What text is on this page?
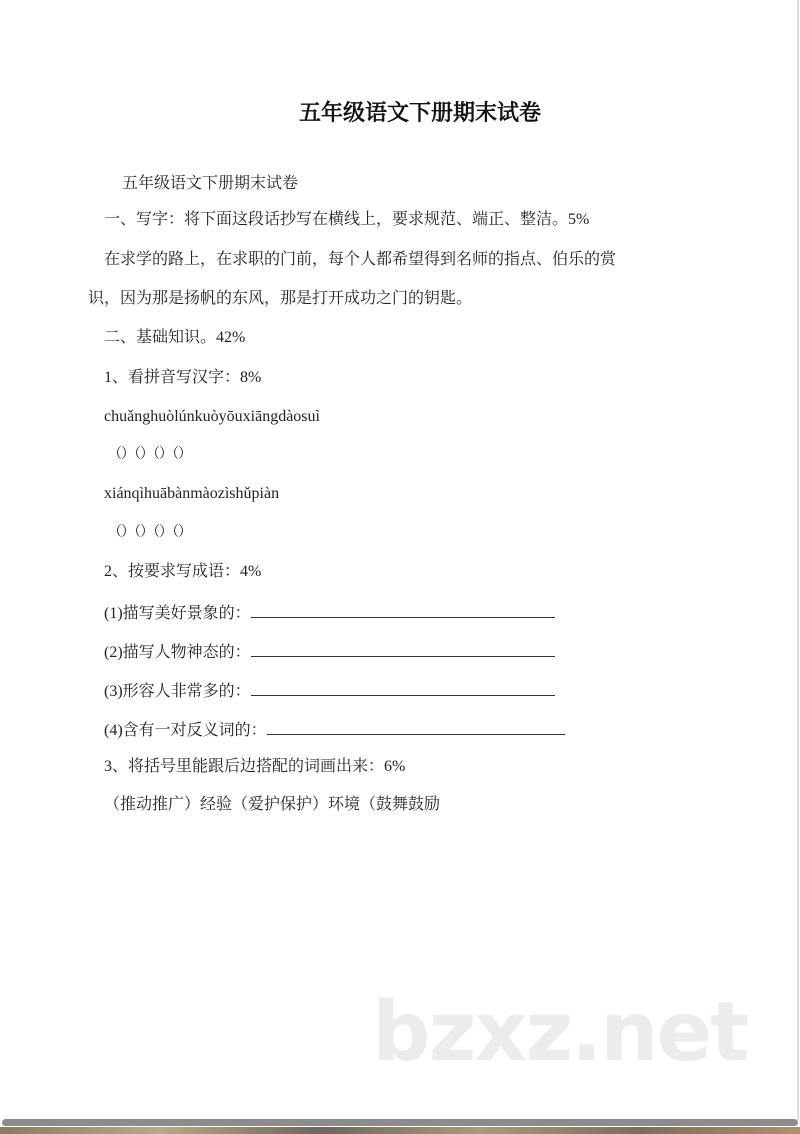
五年级语文下册期末试卷
五年级语文下册期末试卷
一、写字：将下面这段话抄写在横线上，要求规范、端正、整洁。5%
在求学的路上，在求职的门前，每个人都希望得到名师的指点、伯乐的赏
识，因为那是扬帆的东风，那是打开成功之门的钥匙。
二、基础知识。42%
1、看拼音写汉字：8%
chuǎnghuòlúnkuòyōuxiāngdàosuì
（）（）（）（）
xiánqìhuābànmàozìshǔpiàn
（）（）（）（）
2、按要求写成语：4%
(1)描写美好景象的：
(2)描写人物神态的：
(3)形容人非常多的：
(4)含有一对反义词的：
3、将括号里能跟后边搭配的词画出来：6%
（推动推广）经验（爱护保护）环境（鼓舞鼓励
bzxz.net
